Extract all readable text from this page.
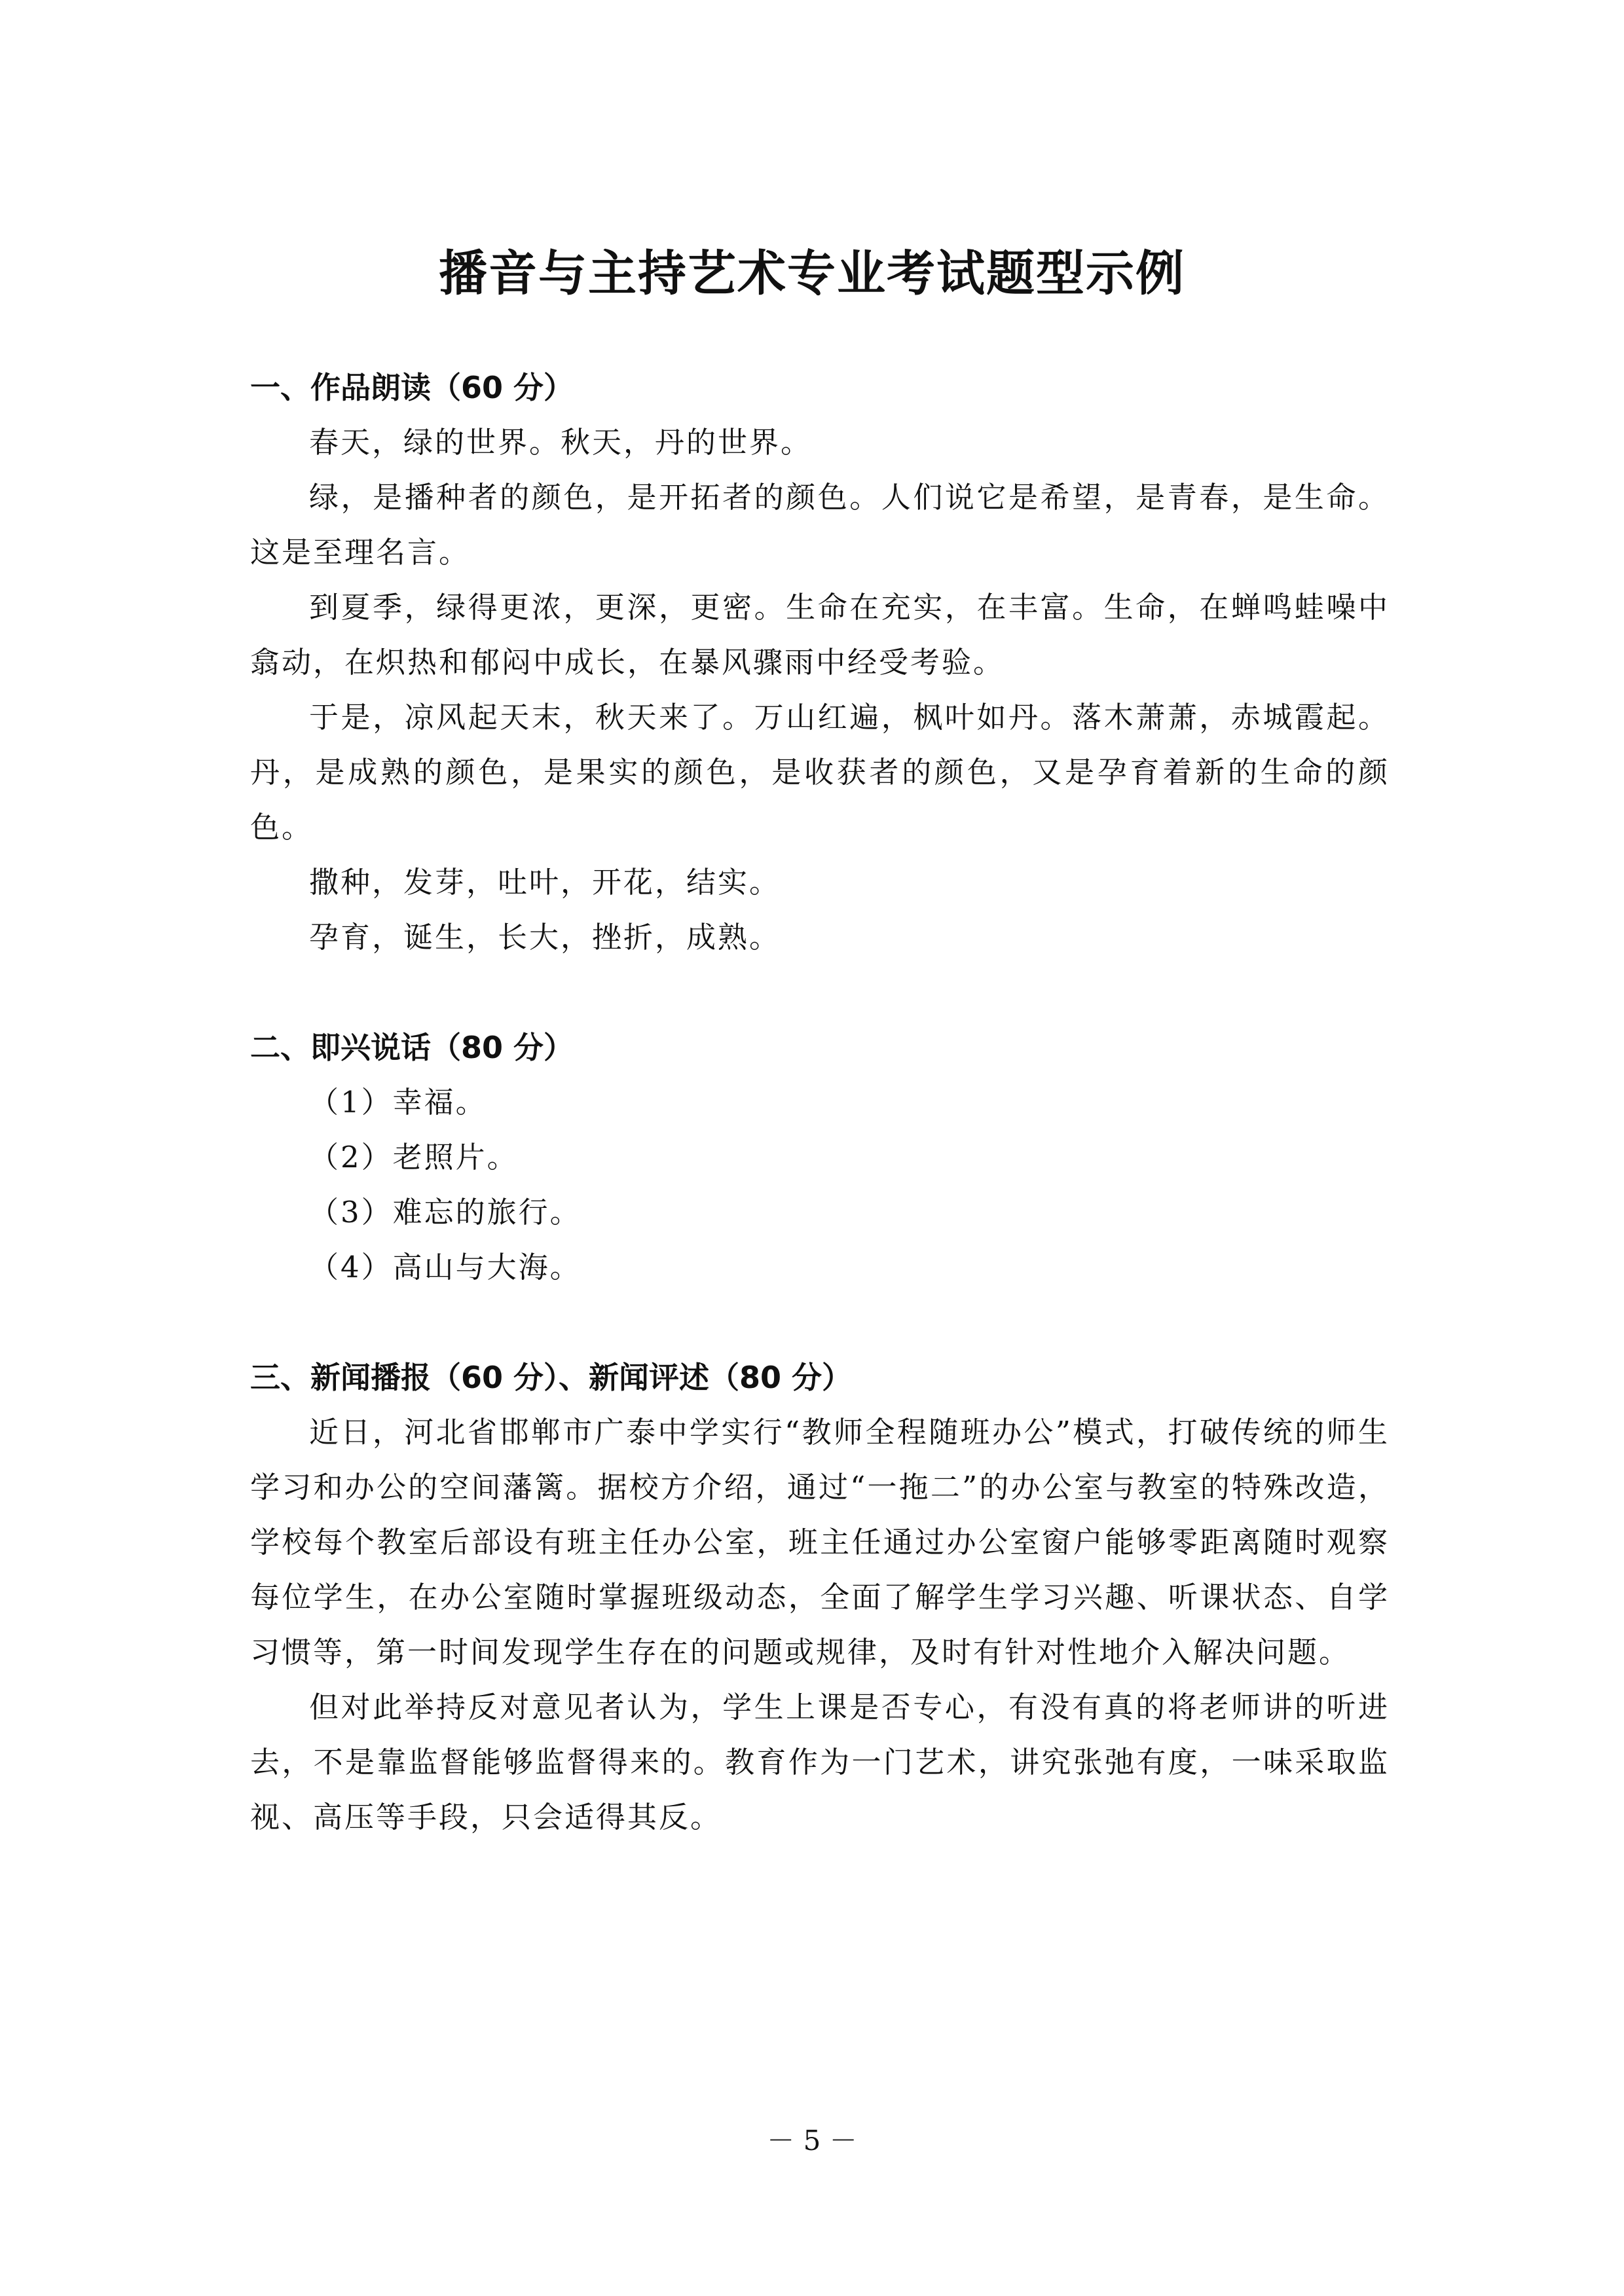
播音与主持艺术专业考试题型示例
一、作品朗读（60 分）

春天，绿的世界。秋天，丹的世界。

绿，是播种者的颜色，是开拓者的颜色。人们说它是希望，是青春，是生命。这是至理名言。

到夏季，绿得更浓，更深，更密。生命在充实，在丰富。生命，在蝉鸣蛙噪中翕动，在炽热和郁闷中成长，在暴风骤雨中经受考验。

于是，凉风起天末，秋天来了。万山红遍，枫叶如丹。落木萧萧，赤城霞起。丹，是成熟的颜色，是果实的颜色，是收获者的颜色，又是孕育着新的生命的颜色。

撒种，发芽，吐叶，开花，结实。

孕育，诞生，长大，挫折，成熟。

二、即兴说话（80 分）

（1）幸福。

（2）老照片。

（3）难忘的旅行。

（4）高山与大海。

三、新闻播报（60 分）、新闻评述（80 分）

近日，河北省邯郸市广泰中学实行“教师全程随班办公”模式，打破传统的师生学习和办公的空间藩篱。据校方介绍，通过“一拖二”的办公室与教室的特殊改造，学校每个教室后部设有班主任办公室，班主任通过办公室窗户能够零距离随时观察每位学生，在办公室随时掌握班级动态，全面了解学生学习兴趣、听课状态、自学习惯等，第一时间发现学生存在的问题或规律，及时有针对性地介入解决问题。

但对此举持反对意见者认为，学生上课是否专心，有没有真的将老师讲的听进去，不是靠监督能够监督得来的。教育作为一门艺术，讲究张弛有度，一味采取监视、高压等手段，只会适得其反。

－ 5 －
